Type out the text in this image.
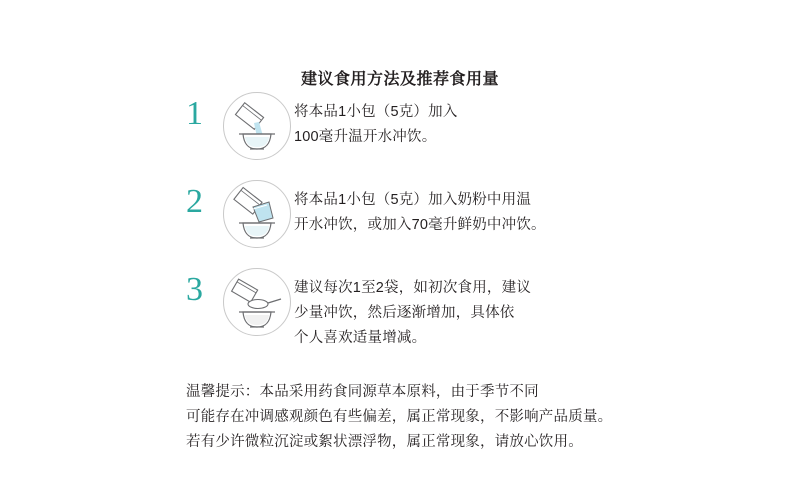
建议食用方法及推荐食用量
1	将本品1小包（5克）加入
100毫升温开水冲饮。
2	将本品1小包（5克）加入奶粉中用温
开水冲饮，或加入70毫升鲜奶中冲饮。
3	建议每次1至2袋，如初次食用，建议
少量冲饮，然后逐渐增加，具体依
个人喜欢适量增减。
温馨提示：本品采用药食同源草本原料，由于季节不同
可能存在冲调感观颜色有些偏差，属正常现象，不影响产品质量。
若有少许微粒沉淀或絮状漂浮物，属正常现象，请放心饮用。
